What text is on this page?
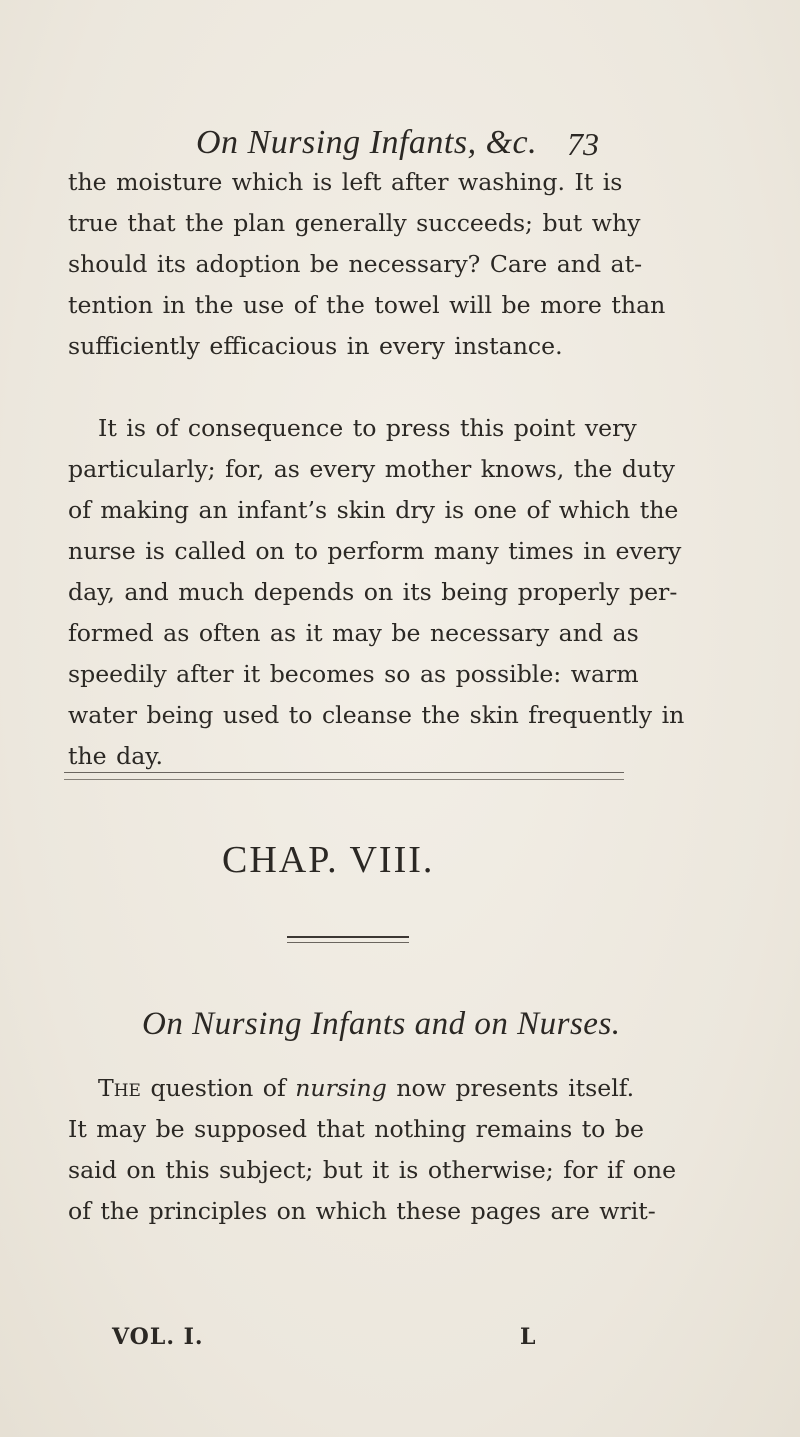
On Nursing Infants, &c. 73

the moisture which is left after washing. It is
true that the plan generally succeeds; but why
should its adoption be necessary? Care and at-
tention in the use of the towel will be more than
sufficiently efficacious in every instance.

It is of consequence to press this point very
particularly; for, as every mother knows, the duty
of making an infant’s skin dry is one of which the
nurse is called on to perform many times in every
day, and much depends on its being properly per-
formed as often as it may be necessary and as
speedily after it becomes so as possible: warm
water being used to cleanse the skin frequently in
the day.

CHAP. VIII.
On Nursing Infants and on Nurses.

The question of nursing now presents itself.
It may be supposed that nothing remains to be
said on this subject; but it is otherwise; for if one
of the principles on which these pages are writ-

VOL. I.	L
